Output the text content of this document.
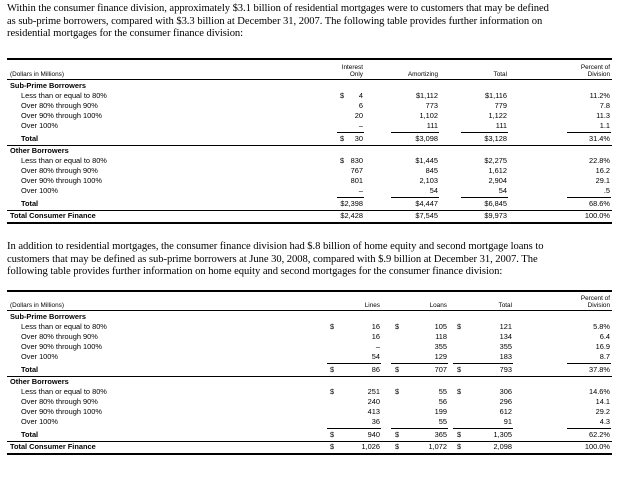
Within the consumer finance division, approximately $3.1 billion of residential mortgages were to customers that may be defined
as sub-prime borrowers, compared with $3.3 billion at December 31, 2007. The following table provides further information on
residential mortgages for the consumer finance division:
(Dollars in Millions)
Interest
Only	Amortizing	Total
Percent of
Division
Sub-Prime Borrowers
Less than or equal to 80%	4	$1,112	$1,116	11.2%
$
Over 80% through 90%	6	773	779	7.8
Over 90% through 100%	20	1,102	1,122	11.3
Over 100%	–	111	111	1.1
Total	30	$3,098	$3,128	31.4%
$
Other Borrowers
Less than or equal to 80%	830	$1,445	$2,275	22.8%
$
Over 80% through 90%	767	845	1,612	16.2
Over 90% through 100%	801	2,103	2,904	29.1
Over 100%	–	54	54	.5
Total	$2,398	$4,447	$6,845	68.6%
Total Consumer Finance	$2,428	$7,545	$9,973	100.0%
In addition to residential mortgages, the consumer finance division had $.8 billion of home equity and second mortgage loans to
customers that may be defined as sub-prime borrowers at June 30, 2008, compared with $.9 billion at December 31, 2007. The
following table provides further information on home equity and second mortgages for the consumer finance division:
(Dollars in Millions)	Lines	Loans	Total
Percent of
Division
Sub-Prime Borrowers
Less than or equal to 80%	16	105	121	5.8%
$	$	$
Over 80% through 90%	16	118	134	6.4
Over 90% through 100%	–	355	355	16.9
Over 100%	54	129	183	8.7
Total	86	707	793	37.8%
$	$	$
Other Borrowers
Less than or equal to 80%	251	55	306	14.6%
$	$	$
Over 80% through 90%	240	56	296	14.1
Over 90% through 100%	413	199	612	29.2
Over 100%	36	55	91	4.3
Total	940	365	1,305	62.2%
$	$	$
Total Consumer Finance	1,026	1,072	2,098	100.0%
$	$	$
